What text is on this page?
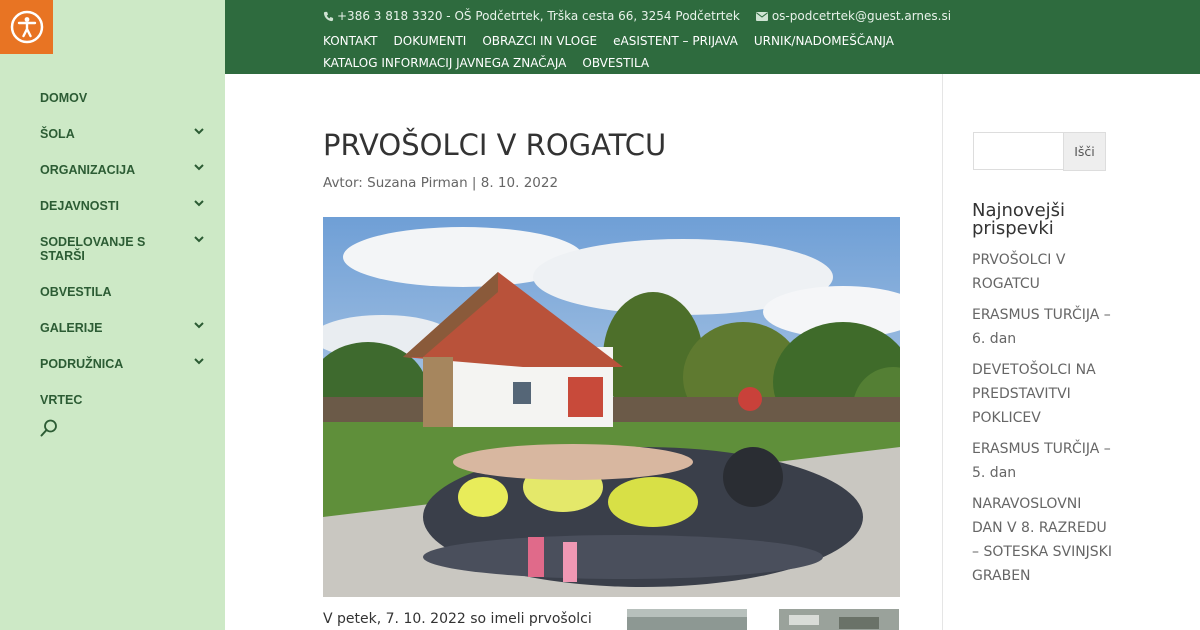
DOMOV
ŠOLA
ORGANIZACIJA
DEJAVNOSTI
SODELOVANJE S STARŠI
OBVESTILA
GALERIJE
PODRUŽNICA
VRTEC
+386 3 818 3320 - OŠ Podčetrtek, Trška cesta 66, 3254 Podčetrtek	os-podcetrtek@guest.arnes.si
KONTAKT DOKUMENTI OBRAZCI IN VLOGE eASISTENT – PRIJAVA URNIK/NADOMEŠČANJAKATALOG INFORMACIJ JAVNEGA ZNAČAJA OBVESTILA
PRVOŠOLCI V ROGATCU
Avtor: Suzana Pirman | 8. 10. 2022
V petek, 7. 10. 2022 so imeli prvošolci
Išči
Najnovejši prispevki
PRVOŠOLCI V ROGATCU
ERASMUS TURČIJA – 6. dan
DEVETOŠOLCI NA PREDSTAVITVI POKLICEV
ERASMUS TURČIJA – 5. dan
NARAVOSLOVNI DAN V 8. RAZREDU – SOTESKA SVINJSKI GRABEN
